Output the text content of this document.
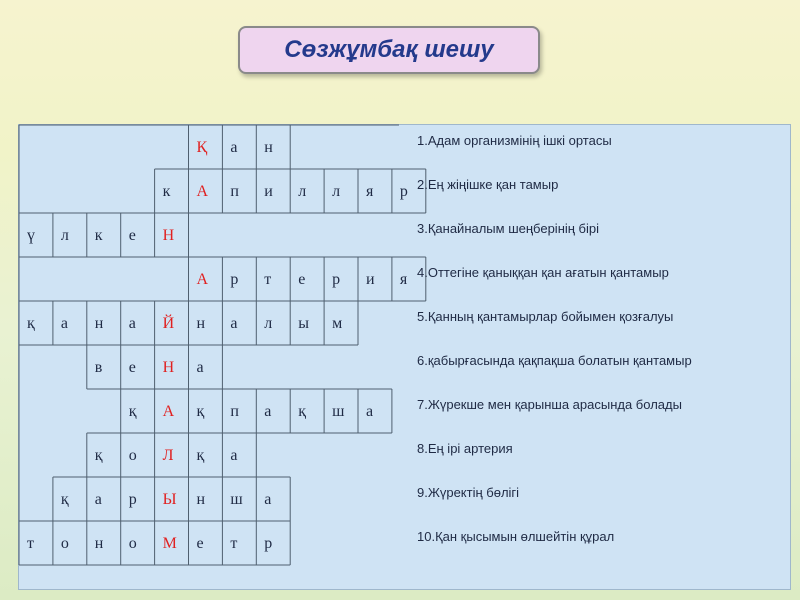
Сөзжұмбақ шешу
Қ а н
к А п и л л я р
ү л к е Н
А р т е р и я
қ а н а Й н а л ы м
в е Н а
қ А қ п а қ ш а
қ о Л қ а
қ а р Ы н ш а
т о н о М е т р
1.Адам организмінің ішкі ортасы
2.Ең жіңішке қан тамыр
3.Қанайналым шеңберінің бірі
4.Оттегіне қаныққан қан ағатын қантамыр
5.Қанның қантамырлар бойымен қозғалуы
6.қабырғасында қақпақша болатын қантамыр
7.Жүрекше мен қарынша арасында болады
8.Ең ірі артерия
9.Жүректің бөлігі
10.Қан қысымын өлшейтін құрал
